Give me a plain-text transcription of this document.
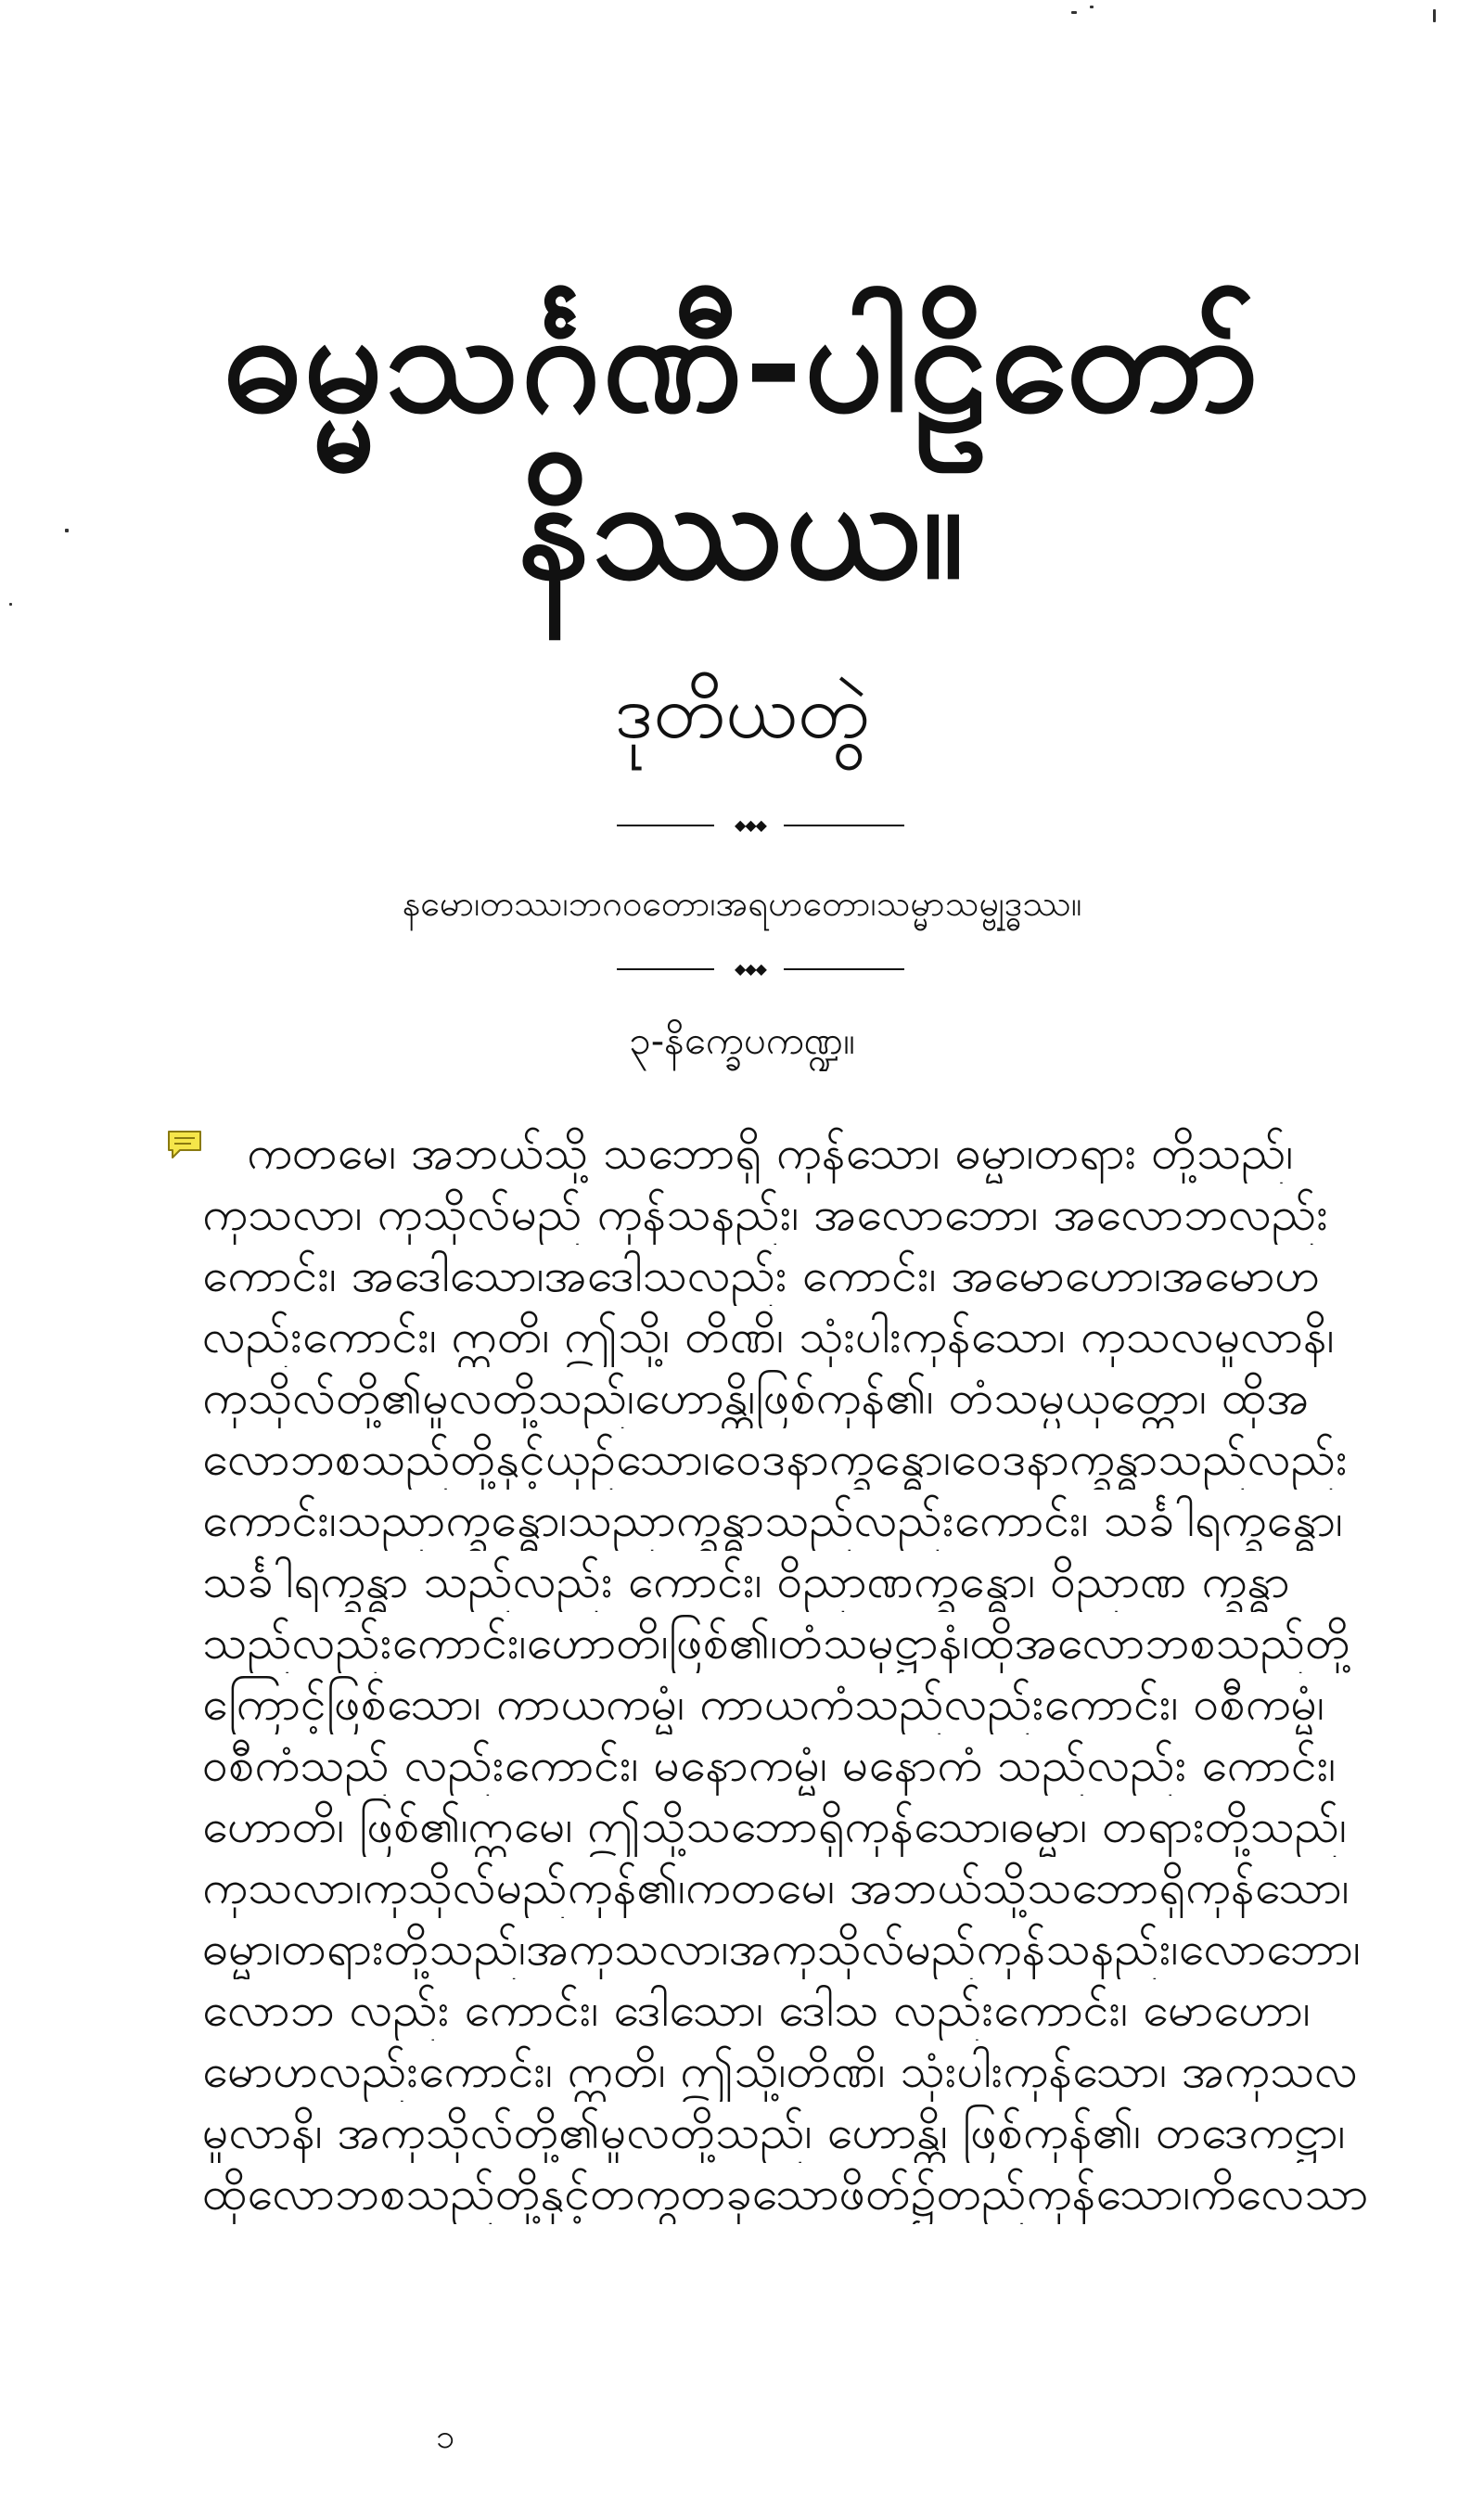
ဓမ္မသင်္ဂဏီ-ပါဠိတော်နိဿယ။
ဒုတိယတွဲ
◆◆◆
နမော၊တဿ၊ဘဂဝတော၊အရဟတော၊သမ္မာသမ္ဗုဒ္ဓဿ။
◆◆◆
၃-နိက္ခေပကဏ္ဍ။
ကတမေ၊ အဘယ်သို့ သဘောရှိ ကုန်သော၊ ဓမ္မာ၊တရား တို့သည်၊
ကုသလာ၊ ကုသိုလ်မည် ကုန်သနည်း၊ အလောဘော၊ အလောဘလည်း
ကောင်း၊ အဒေါသော၊အဒေါသလည်း ကောင်း၊ အမောဟော၊အမောဟ
လည်းကောင်း၊ ဣတိ၊ ဤသို့၊ တိဏိ၊ သုံးပါးကုန်သော၊ ကုသလမူလာနိ၊
ကုသိုလ်တို့၏မူလတို့သည်၊ဟောန္တိ၊ဖြစ်ကုန်၏၊ တံသမ္ပယုတ္တော၊ ထိုအ
လောဘစသည်တို့နှင့်ယှဉ်သော၊ဝေဒနာက္ခန္ဓော၊ဝေဒနာက္ခန္ဓာသည်လည်း
ကောင်း၊သညာက္ခန္ဓော၊သညာက္ခန္ဓာသည်လည်းကောင်း၊ သင်္ခါရက္ခန္ဓော၊
သင်္ခါရက္ခန္ဓာ သည်လည်း ကောင်း၊ ဝိညာဏက္ခန္ဓော၊ ဝိညာဏ က္ခန္ဓာ
သည်လည်းကောင်း၊ဟောတိ၊ဖြစ်၏၊တံသမုဋ္ဌာနံ၊ထိုအလောဘစသည်တို့
ကြောင့်ဖြစ်သော၊ ကာယကမ္မံ၊ ကာယကံသည်လည်းကောင်း၊ ဝစီကမ္မံ၊
ဝစီကံသည် လည်းကောင်း၊ မနောကမ္မံ၊ မနောကံ သည်လည်း ကောင်း၊
ဟောတိ၊ ဖြစ်၏၊ဣမေ၊ ဤသို့သဘောရှိကုန်သော၊ဓမ္မာ၊ တရားတို့သည်၊
ကုသလာ၊ကုသိုလ်မည်ကုန်၏၊ကတမေ၊ အဘယ်သို့သဘောရှိကုန်သော၊
ဓမ္မာ၊တရားတို့သည်၊အကုသလာ၊အကုသိုလ်မည်ကုန်သနည်း၊လောဘော၊
လောဘ လည်း ကောင်း၊ ဒေါသော၊ ဒေါသ လည်းကောင်း၊ မောဟော၊
မောဟလည်းကောင်း၊ ဣတိ၊ ဤသို့၊တိဏိ၊ သုံးပါးကုန်သော၊ အကုသလ
မူလာနိ၊ အကုသိုလ်တို့၏မူလတို့သည်၊ ဟောန္တိ၊ ဖြစ်ကုန်၏၊ တဒေကဋ္ဌာ၊
ထိုလောဘစသည်တို့နှင့်တကွတခုသောဖိတ်၌တည်ကုန်သော၊ကိလေသာ
၁
